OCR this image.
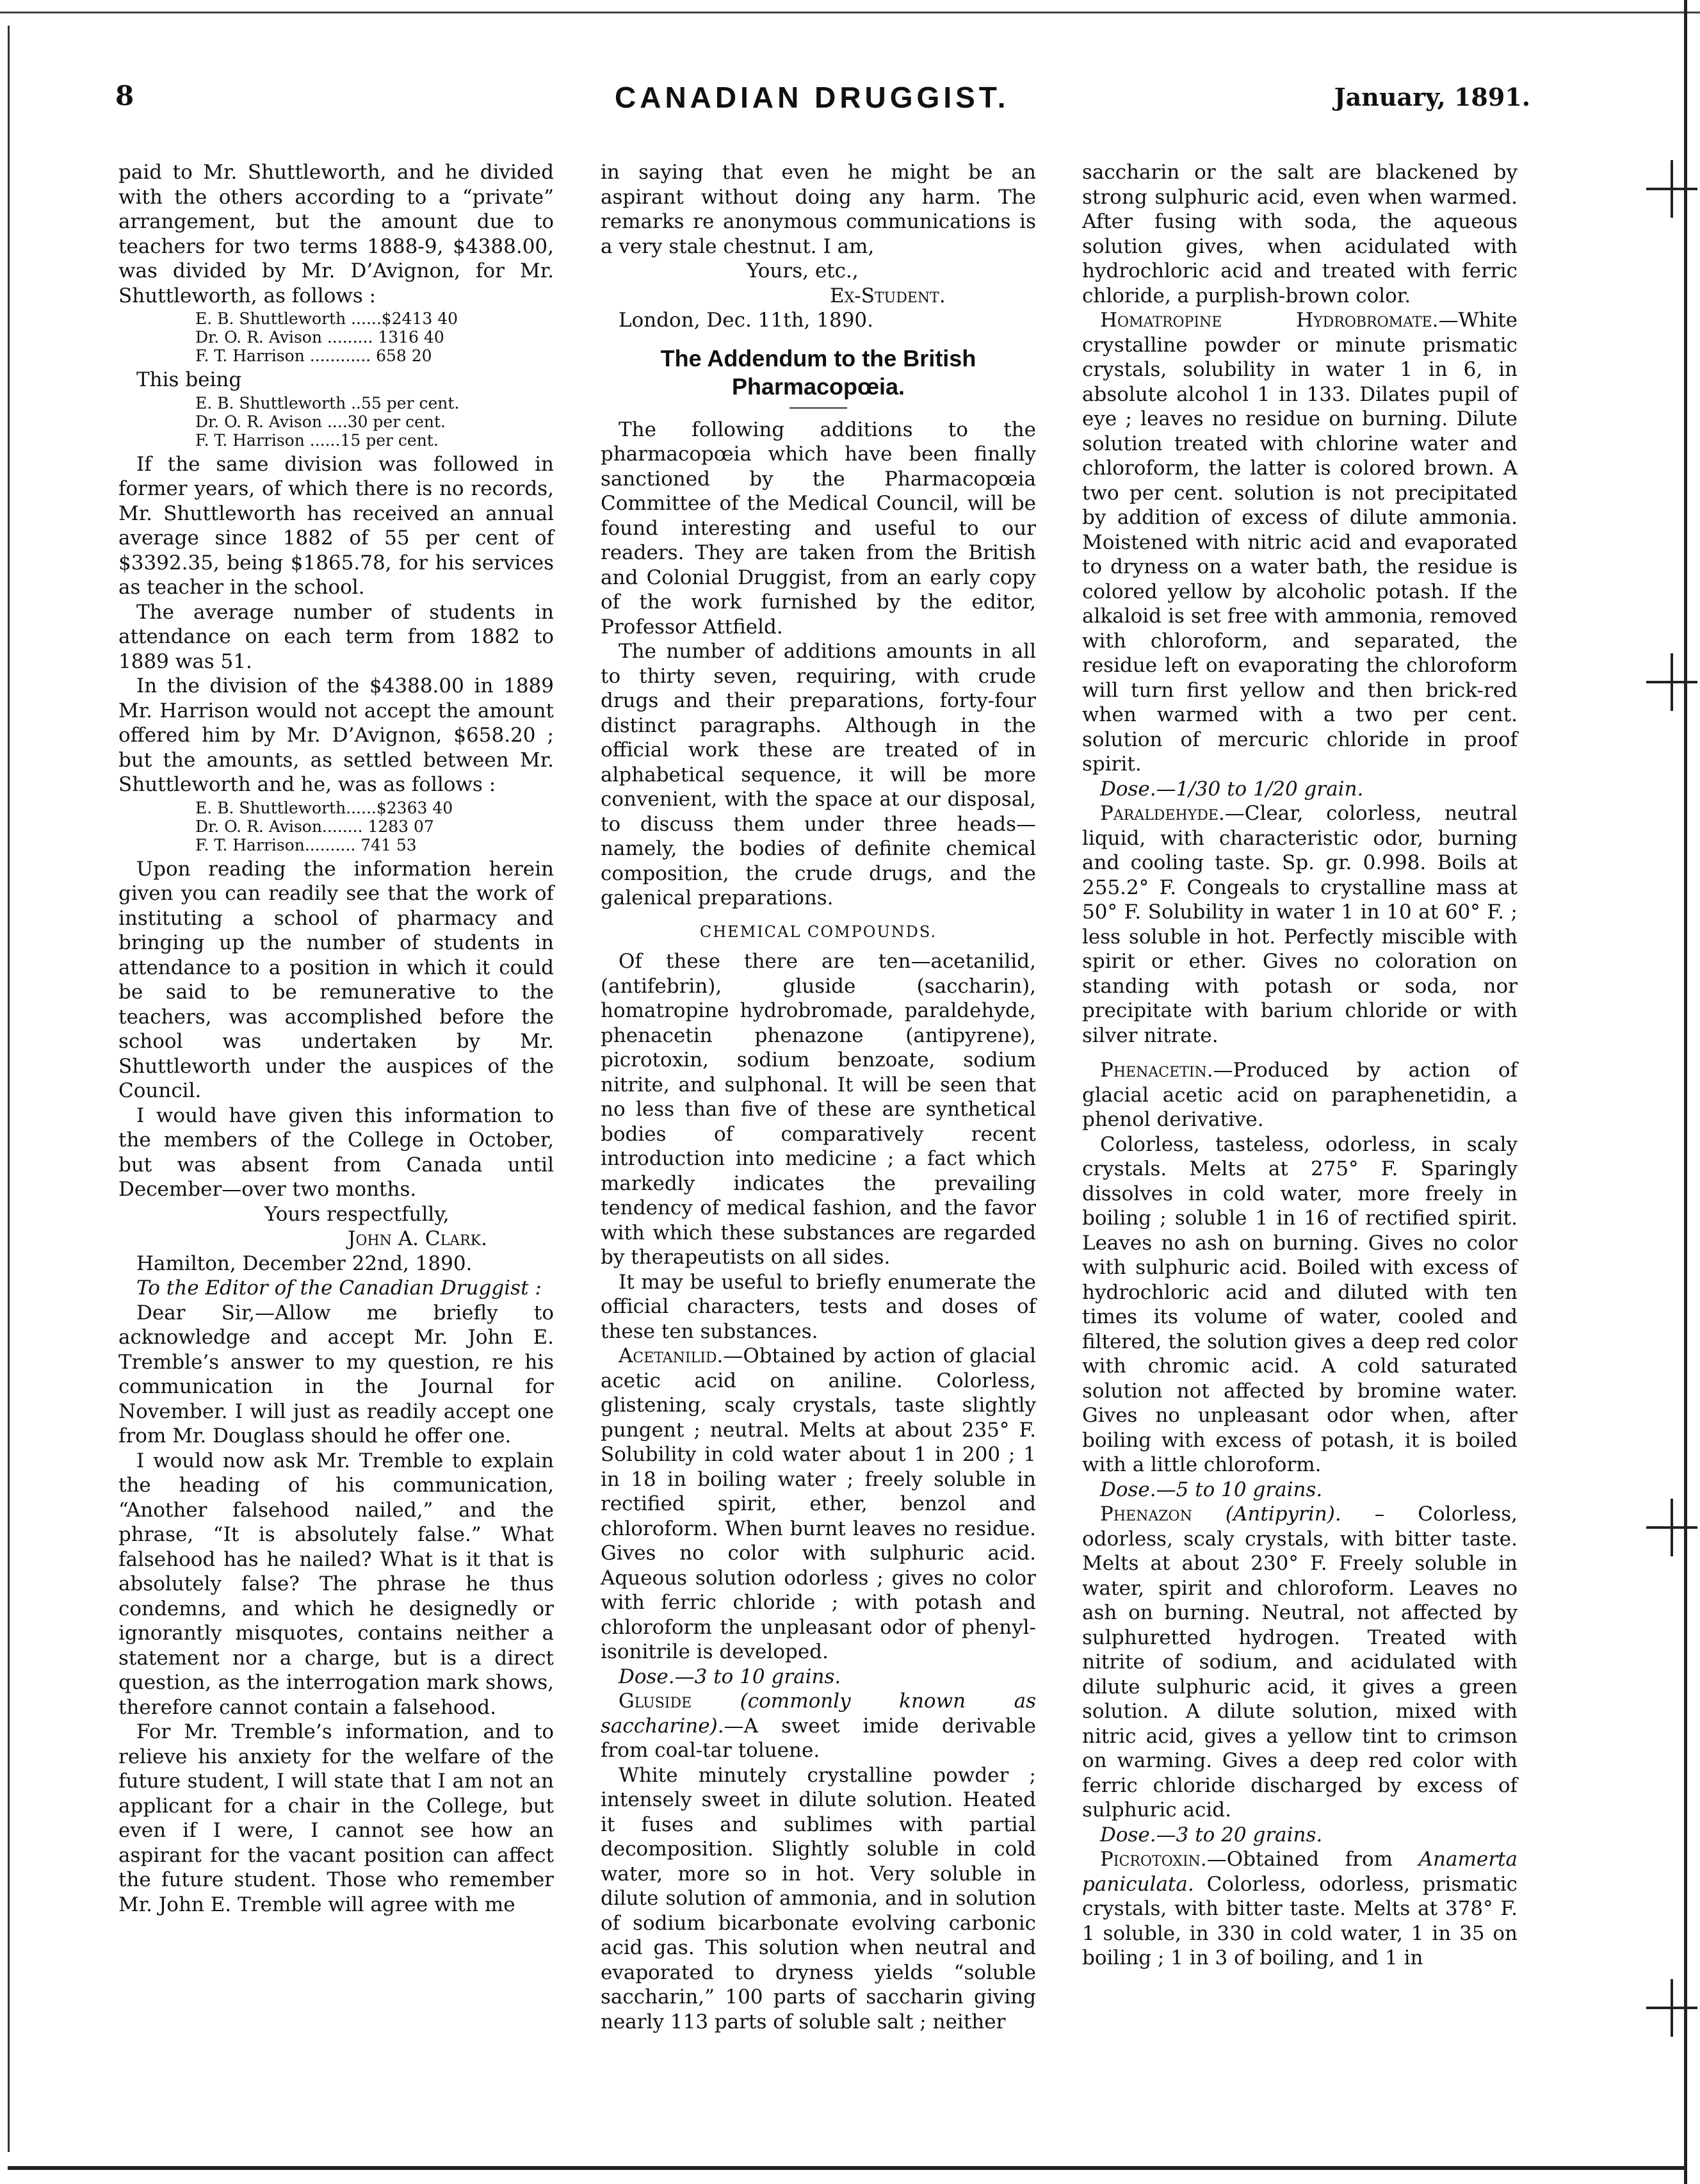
8	CANADIAN DRUGGIST.	January, 1891.

paid to Mr. Shuttleworth, and he divided with the others according to a “private” arrangement, but the amount due to teachers for two terms 1888-9, $4388.00, was divided by Mr. D’Avignon, for Mr. Shuttleworth, as follows :

E. B. Shuttleworth ......$2413 40
Dr. O. R. Avison ......... 1316 40
F. T. Harrison ............ 658 20

This being

E. B. Shuttleworth ..55 per cent.
Dr. O. R. Avison ....30 per cent.
F. T. Harrison ......15 per cent.

If the same division was followed in former years, of which there is no records, Mr. Shuttleworth has received an annual average since 1882 of 55 per cent of $3392.35, being $1865.78, for his services as teacher in the school.

The average number of students in attendance on each term from 1882 to 1889 was 51.

In the division of the $4388.00 in 1889 Mr. Harrison would not accept the amount offered him by Mr. D’Avignon, $658.20 ; but the amounts, as settled between Mr. Shuttleworth and he, was as follows :

E. B. Shuttleworth......$2363 40
Dr. O. R. Avison........ 1283 07
F. T. Harrison.......... 741 53

Upon reading the information herein given you can readily see that the work of instituting a school of pharmacy and bringing up the number of students in attendance to a position in which it could be said to be remunerative to the teachers, was accomplished before the school was undertaken by Mr. Shuttleworth under the auspices of the Council.

I would have given this information to the members of the College in October, but was absent from Canada until December—over two months.

Yours respectfully,

John A. Clark.

Hamilton, December 22nd, 1890.

To the Editor of the Canadian Druggist :

Dear Sir,—Allow me briefly to acknowledge and accept Mr. John E. Tremble’s answer to my question, re his communication in the Journal for November. I will just as readily accept one from Mr. Douglass should he offer one.

I would now ask Mr. Tremble to explain the heading of his communication, “Another falsehood nailed,” and the phrase, “It is absolutely false.” What falsehood has he nailed? What is it that is absolutely false? The phrase he thus condemns, and which he designedly or ignorantly misquotes, contains neither a statement nor a charge, but is a direct question, as the interrogation mark shows, therefore cannot contain a falsehood.

For Mr. Tremble’s information, and to relieve his anxiety for the welfare of the future student, I will state that I am not an applicant for a chair in the College, but even if I were, I cannot see how an aspirant for the vacant position can affect the future student. Those who remember Mr. John E. Tremble will agree with me

in saying that even he might be an aspirant without doing any harm. The remarks re anonymous communications is a very stale chestnut. I am,

Yours, etc.,

Ex-Student.

London, Dec. 11th, 1890.

The Addendum to the British Pharmacopœia.

The following additions to the pharmacopœia which have been finally sanctioned by the Pharmacopœia Committee of the Medical Council, will be found interesting and useful to our readers. They are taken from the British and Colonial Druggist, from an early copy of the work furnished by the editor, Professor Attfield.

The number of additions amounts in all to thirty seven, requiring, with crude drugs and their preparations, forty-four distinct paragraphs. Although in the official work these are treated of in alphabetical sequence, it will be more convenient, with the space at our disposal, to discuss them under three heads—namely, the bodies of definite chemical composition, the crude drugs, and the galenical preparations.

CHEMICAL COMPOUNDS.

Of these there are ten—acetanilid, (antifebrin), gluside (saccharin), homatropine hydrobromade, paraldehyde, phenacetin phenazone (antipyrene), picrotoxin, sodium benzoate, sodium nitrite, and sulphonal. It will be seen that no less than five of these are synthetical bodies of comparatively recent introduction into medicine ; a fact which markedly indicates the prevailing tendency of medical fashion, and the favor with which these substances are regarded by therapeutists on all sides.

It may be useful to briefly enumerate the official characters, tests and doses of these ten substances.

Acetanilid.—Obtained by action of glacial acetic acid on aniline. Colorless, glistening, scaly crystals, taste slightly pungent ; neutral. Melts at about 235° F. Solubility in cold water about 1 in 200 ; 1 in 18 in boiling water ; freely soluble in rectified spirit, ether, benzol and chloroform. When burnt leaves no residue. Gives no color with sulphuric acid. Aqueous solution odorless ; gives no color with ferric chloride ; with potash and chloroform the unpleasant odor of phenyl-isonitrile is developed.

Dose.—3 to 10 grains.

Gluside (commonly known as saccharine).—A sweet imide derivable from coal-tar toluene.

White minutely crystalline powder ; intensely sweet in dilute solution. Heated it fuses and sublimes with partial decomposition. Slightly soluble in cold water, more so in hot. Very soluble in dilute solution of ammonia, and in solution of sodium bicarbonate evolving carbonic acid gas. This solution when neutral and evaporated to dryness yields “soluble saccharin,” 100 parts of saccharin giving nearly 113 parts of soluble salt ; neither

saccharin or the salt are blackened by strong sulphuric acid, even when warmed. After fusing with soda, the aqueous solution gives, when acidulated with hydrochloric acid and treated with ferric chloride, a purplish-brown color.

Homatropine Hydrobromate.—White crystalline powder or minute prismatic crystals, solubility in water 1 in 6, in absolute alcohol 1 in 133. Dilates pupil of eye ; leaves no residue on burning. Dilute solution treated with chlorine water and chloroform, the latter is colored brown. A two per cent. solution is not precipitated by addition of excess of dilute ammonia. Moistened with nitric acid and evaporated to dryness on a water bath, the residue is colored yellow by alcoholic potash. If the alkaloid is set free with ammonia, removed with chloroform, and separated, the residue left on evaporating the chloroform will turn first yellow and then brick-red when warmed with a two per cent. solution of mercuric chloride in proof spirit.

Dose.—1/30 to 1/20 grain.

Paraldehyde.—Clear, colorless, neutral liquid, with characteristic odor, burning and cooling taste. Sp. gr. 0.998. Boils at 255.2° F. Congeals to crystalline mass at 50° F. Solubility in water 1 in 10 at 60° F. ; less soluble in hot. Perfectly miscible with spirit or ether. Gives no coloration on standing with potash or soda, nor precipitate with barium chloride or with silver nitrate.

Phenacetin.—Produced by action of glacial acetic acid on paraphenetidin, a phenol derivative.

Colorless, tasteless, odorless, in scaly crystals. Melts at 275° F. Sparingly dissolves in cold water, more freely in boiling ; soluble 1 in 16 of rectified spirit. Leaves no ash on burning. Gives no color with sulphuric acid. Boiled with excess of hydrochloric acid and diluted with ten times its volume of water, cooled and filtered, the solution gives a deep red color with chromic acid. A cold saturated solution not affected by bromine water. Gives no unpleasant odor when, after boiling with excess of potash, it is boiled with a little chloroform.

Dose.—5 to 10 grains.

Phenazon (Antipyrin). – Colorless, odorless, scaly crystals, with bitter taste. Melts at about 230° F. Freely soluble in water, spirit and chloroform. Leaves no ash on burning. Neutral, not affected by sulphuretted hydrogen. Treated with nitrite of sodium, and acidulated with dilute sulphuric acid, it gives a green solution. A dilute solution, mixed with nitric acid, gives a yellow tint to crimson on warming. Gives a deep red color with ferric chloride discharged by excess of sulphuric acid.

Dose.—3 to 20 grains.

Picrotoxin.—Obtained from Anamerta paniculata. Colorless, odorless, prismatic crystals, with bitter taste. Melts at 378° F. 1 soluble, in 330 in cold water, 1 in 35 on boiling ; 1 in 3 of boiling, and 1 in
